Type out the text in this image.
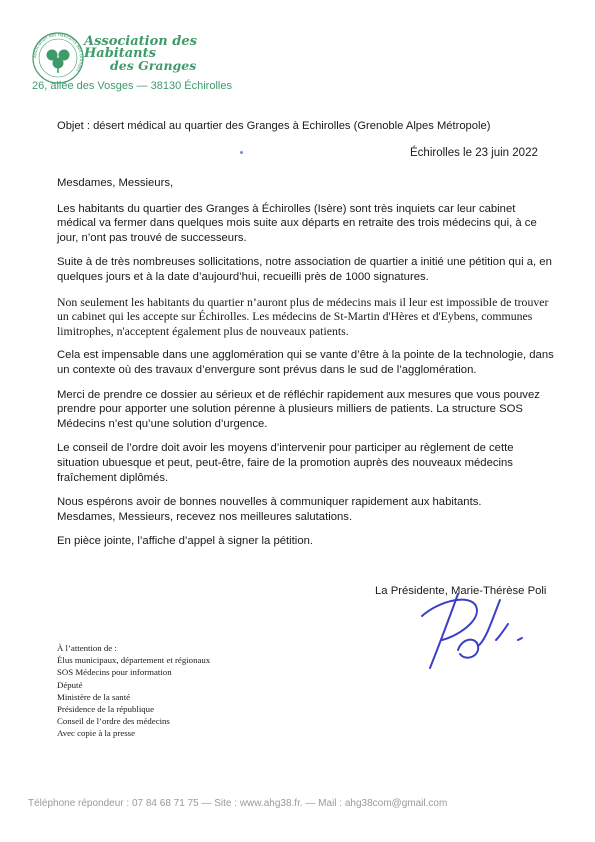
Association des Habitants des Granges
Association des Habitants
des Granges
26, allée des Vosges — 38130 Échirolles
Objet : désert médical au quartier des Granges à Echirolles (Grenoble Alpes Métropole)
Échirolles le 23 juin 2022

Mesdames, Messieurs,

Les habitants du quartier des Granges à Échirolles (Isère) sont très inquiets car leur cabinet médical va fermer dans quelques mois suite aux départs en retraite des trois médecins qui, à ce jour, n’ont pas trouvé de successeurs.

Suite à de très nombreuses sollicitations, notre association de quartier a initié une pétition qui a, en quelques jours et à la date d’aujourd’hui, recueilli près de 1000 signatures.

Non seulement les habitants du quartier n’auront plus de médecins mais il leur est impossible de trouver un cabinet qui les accepte sur Échirolles. Les médecins de St-Martin d'Hères et d'Eybens, communes limitrophes, n'acceptent également plus de nouveaux patients.

Cela est impensable dans une agglomération qui se vante d’être à la pointe de la technologie, dans un contexte où des travaux d’envergure sont prévus dans le sud de l’agglomération.

Merci de prendre ce dossier au sérieux et de réfléchir rapidement aux mesures que vous pouvez prendre pour apporter une solution pérenne à plusieurs milliers de patients. La structure SOS Médecins n’est qu’une solution d’urgence.

Le conseil de l’ordre doit avoir les moyens d’intervenir pour participer au règlement de cette situation ubuesque et peut, peut-être, faire de la promotion auprès des nouveaux médecins fraîchement diplômés.

Nous espérons avoir de bonnes nouvelles à communiquer rapidement aux habitants.
Mesdames, Messieurs, recevez nos meilleures salutations.

En pièce jointe, l’affiche d’appel à signer la pétition.

La Présidente, Marie-Thérèse Poli
À l’attention de :
Élus municipaux, département et régionaux
SOS Médecins pour information
Député
Ministère de la santé
Présidence de la république
Conseil de l’ordre des médecins
Avec copie à la presse
Téléphone répondeur : 07 84 68 71 75 — Site : www.ahg38.fr. — Mail : ahg38com@gmail.com
